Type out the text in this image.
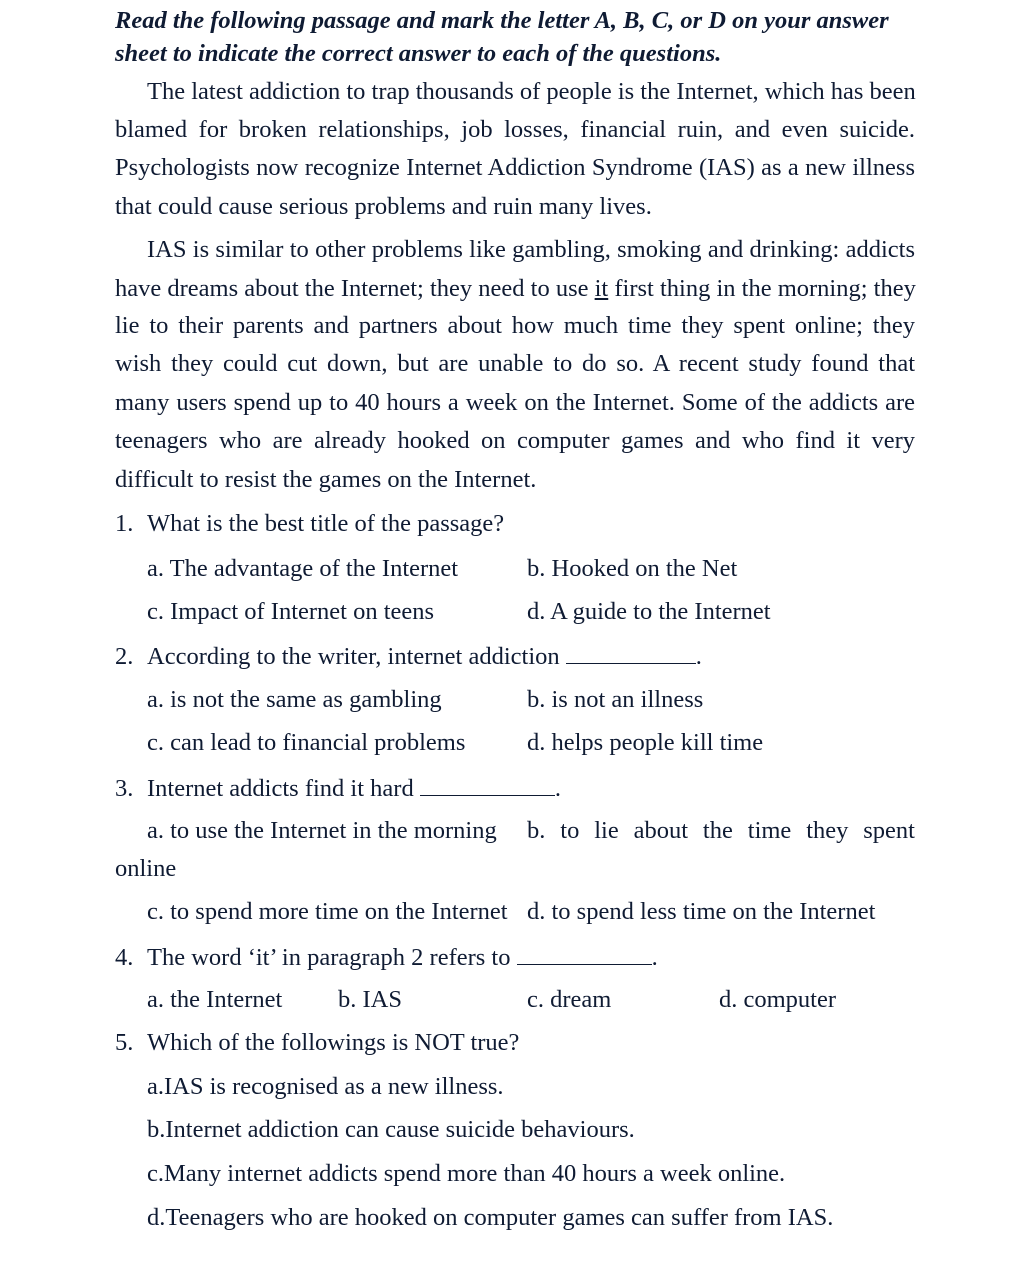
Read the following passage and mark the letter A, B, C, or D on your answer
sheet to indicate the correct answer to each of the questions.
The latest addiction to trap thousands of people is the Internet, which has been
blamed for broken relationships, job losses, financial ruin, and even suicide.
Psychologists now recognize Internet Addiction Syndrome (IAS) as a new illness
that could cause serious problems and ruin many lives.
IAS is similar to other problems like gambling, smoking and drinking: addicts
have dreams about the Internet; they need to use it first thing in the morning; they
lie to their parents and partners about how much time they spent online; they
wish they could cut down, but are unable to do so. A recent study found that
many users spend up to 40 hours a week on the Internet. Some of the addicts are
teenagers who are already hooked on computer games and who find it very
difficult to resist the games on the Internet.
1. What is the best title of the passage?
a. The advantage of the Internet	b. Hooked on the Net
c. Impact of Internet on teens	d. A guide to the Internet
2. According to the writer, internet addiction	.
a. is not the same as gambling	b. is not an illness
c. can lead to financial problems	d. helps people kill time
3. Internet addicts find it hard	.
a. to use the Internet in the morning b. to lie about the time they spent
online
c. to spend more time on the Internet d. to spend less time on the Internet
4. The word ‘it’ in paragraph 2 refers to	.
a. the Internet b. IAS	c. dream	d. computer
5. Which of the followings is NOT true?
a.IAS is recognised as a new illness.
b.Internet addiction can cause suicide behaviours.
c.Many internet addicts spend more than 40 hours a week online.
d.Teenagers who are hooked on computer games can suffer from IAS.
